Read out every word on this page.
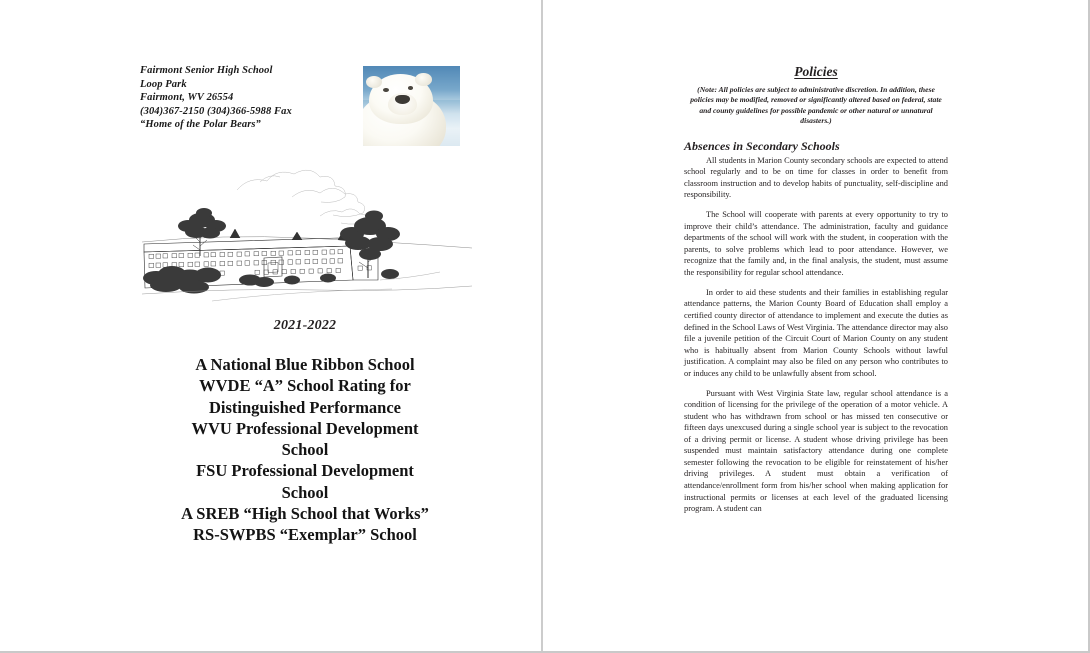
Fairmont Senior High School
Loop Park
Fairmont, WV 26554
(304)367-2150 (304)366-5988 Fax
“Home of the Polar Bears”
2021-2022
A National Blue Ribbon School
WVDE “A” School Rating for
Distinguished Performance
WVU Professional Development
School
FSU Professional Development
School
A SREB “High School that Works”
RS-SWPBS “Exemplar” School
Policies
(Note: All policies are subject to administrative discretion. In addition, these policies may be modified, removed or significantly altered based on federal, state and county guidelines for possible pandemic or other natural or unnatural disasters.)
Absences in Secondary Schools

All students in Marion County secondary schools are expected to attend school regularly and to be on time for classes in order to benefit from classroom instruction and to develop habits of punctuality, self-discipline and responsibility.

The School will cooperate with parents at every opportunity to try to improve their child’s attendance. The administration, faculty and guidance departments of the school will work with the student, in cooperation with the parents, to solve problems which lead to poor attendance. However, we recognize that the family and, in the final analysis, the student, must assume the responsibility for regular school attendance.

In order to aid these students and their families in establishing regular attendance patterns, the Marion County Board of Education shall employ a certified county director of attendance to implement and execute the duties as defined in the School Laws of West Virginia. The attendance director may also file a juvenile petition of the Circuit Court of Marion County on any student who is habitually absent from Marion County Schools without lawful justification. A complaint may also be filed on any person who contributes to or induces any child to be unlawfully absent from school.

Pursuant with West Virginia State law, regular school attendance is a condition of licensing for the privilege of the operation of a motor vehicle. A student who has withdrawn from school or has missed ten consecutive or fifteen days unexcused during a single school year is subject to the revocation of a driving permit or license. A student whose driving privilege has been suspended must maintain satisfactory attendance during one complete semester following the revocation to be eligible for reinstatement of his/her driving privileges. A student must obtain a verification of attendance/enrollment form from his/her school when making application for instructional permits or licenses at each level of the graduated licensing program. A student can
